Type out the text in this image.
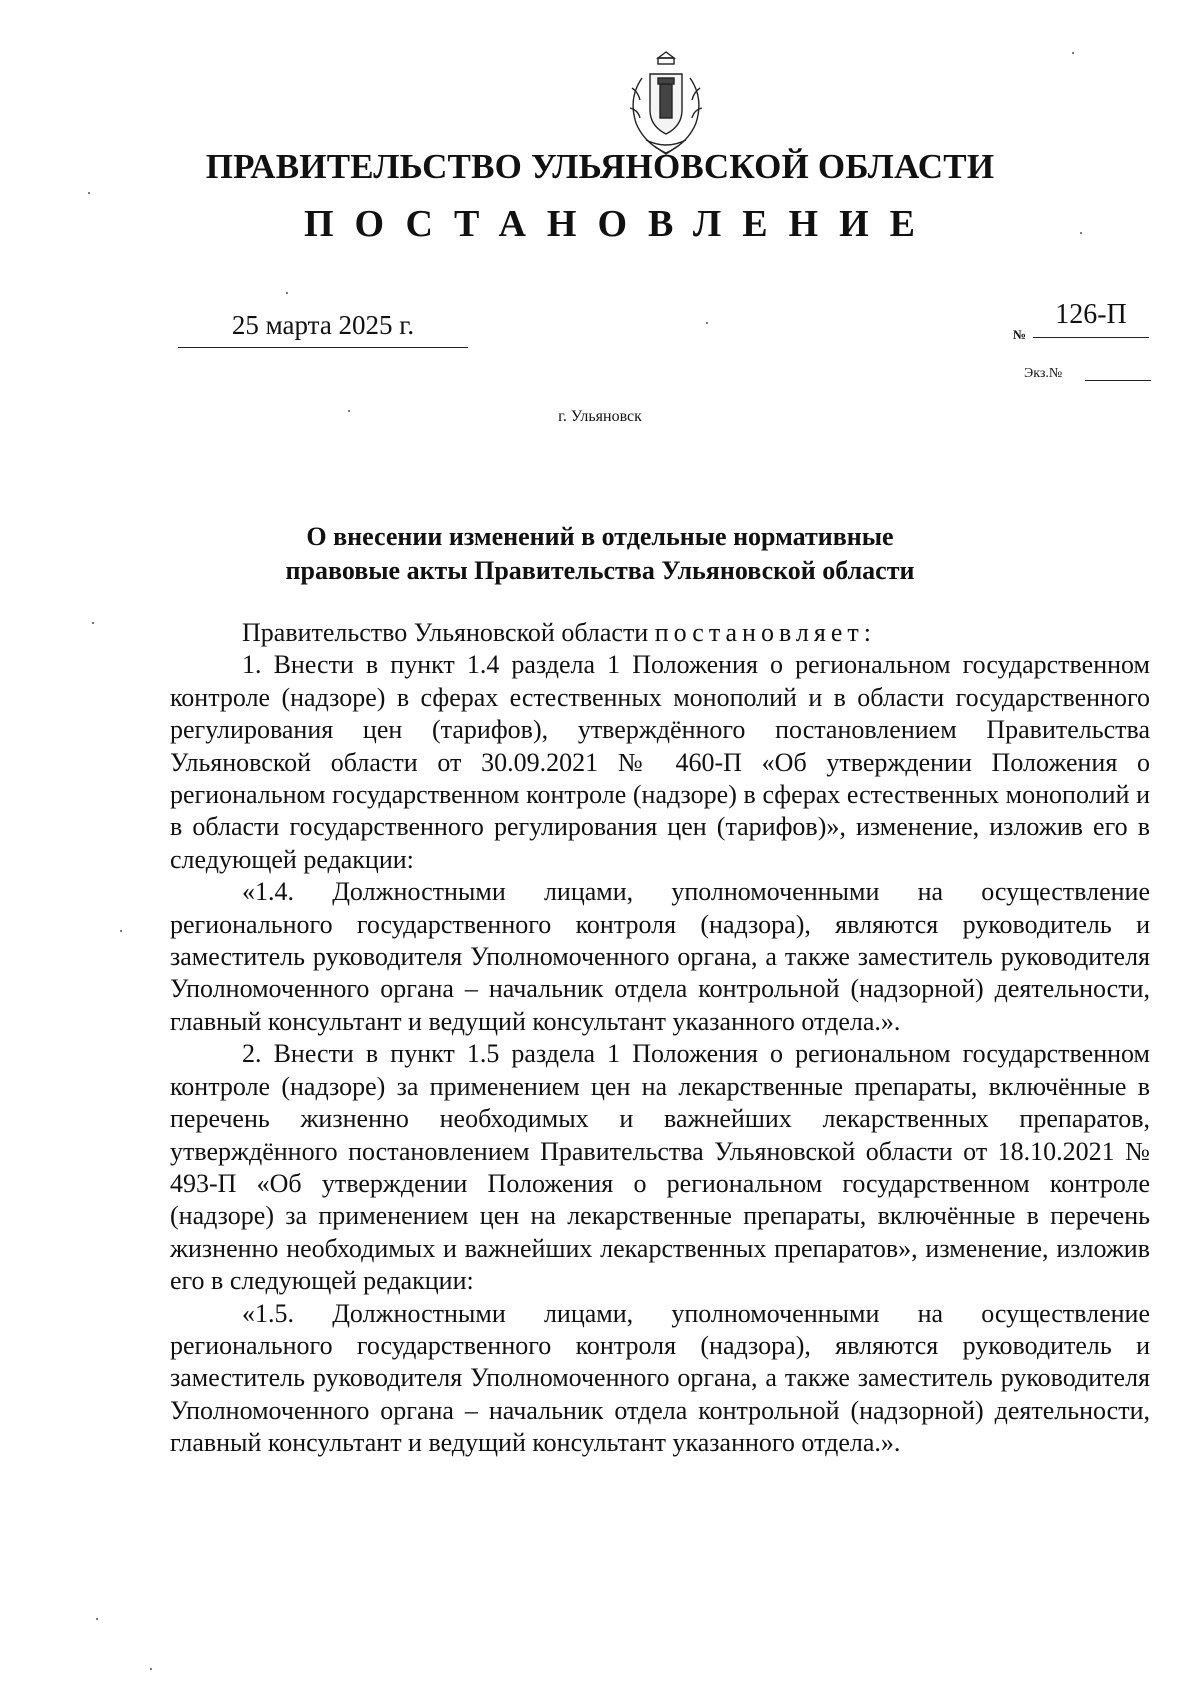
ПРАВИТЕЛЬСТВО УЛЬЯНОВСКОЙ ОБЛАСТИ
ПОСТАНОВЛЕНИЕ
25 марта 2025 г.	№
126-П
Экз.№
г. Ульяновск
О внесении изменений в отдельные нормативные
правовые акты Правительства Ульяновской области

Правительство Ульяновской области постановляет:

1. Внести в пункт 1.4 раздела 1 Положения о региональном государственном контроле (надзоре) в сферах естественных монополий и в области государственного регулирования цен (тарифов), утверждённого постановлением Правительства Ульяновской области от 30.09.2021 № 460-П «Об утверждении Положения о региональном государственном контроле (надзоре) в сферах естественных монополий и в области государственного регулирования цен (тарифов)», изменение, изложив его в следующей редакции:

«1.4. Должностными лицами, уполномоченными на осуществление регионального государственного контроля (надзора), являются руководитель и заместитель руководителя Уполномоченного органа, а также заместитель руководителя Уполномоченного органа – начальник отдела контрольной (надзорной) деятельности, главный консультант и ведущий консультант указанного отдела.».

2. Внести в пункт 1.5 раздела 1 Положения о региональном государственном контроле (надзоре) за применением цен на лекарственные препараты, включённые в перечень жизненно необходимых и важнейших лекарственных препаратов, утверждённого постановлением Правительства Ульяновской области от 18.10.2021 № 493-П «Об утверждении Положения о региональном государственном контроле (надзоре) за применением цен на лекарственные препараты, включённые в перечень жизненно необходимых и важнейших лекарственных препаратов», изменение, изложив его в следующей редакции:

«1.5. Должностными лицами, уполномоченными на осуществление регионального государственного контроля (надзора), являются руководитель и заместитель руководителя Уполномоченного органа, а также заместитель руководителя Уполномоченного органа – начальник отдела контрольной (надзорной) деятельности, главный консультант и ведущий консультант указанного отдела.».
